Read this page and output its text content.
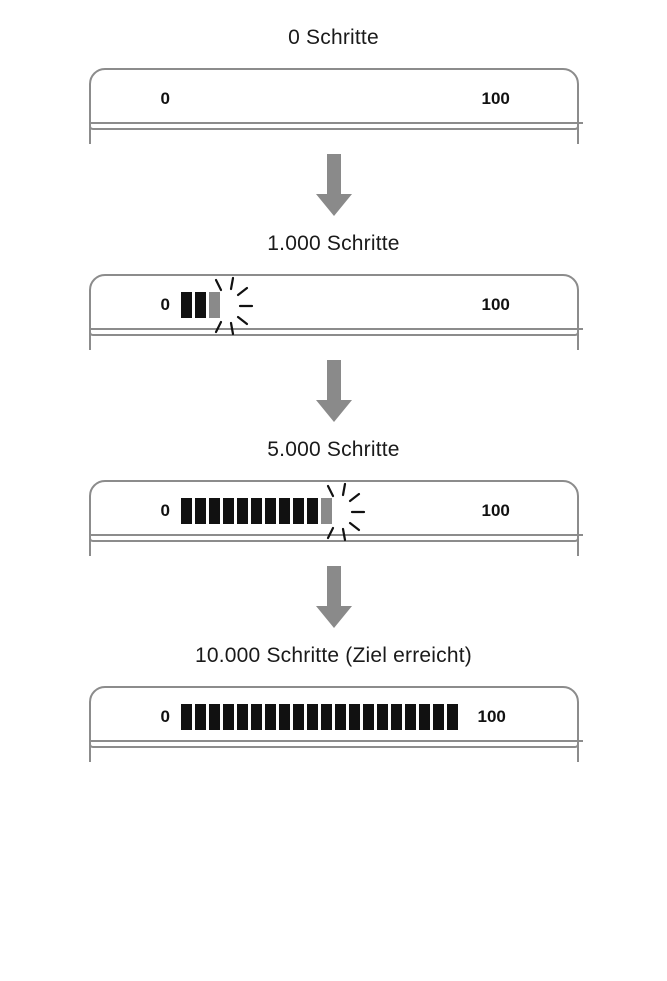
0 Schritte
0	100
1.000 Schritte
0	100
5.000 Schritte
0	100
10.000 Schritte (Ziel erreicht)
0	100
